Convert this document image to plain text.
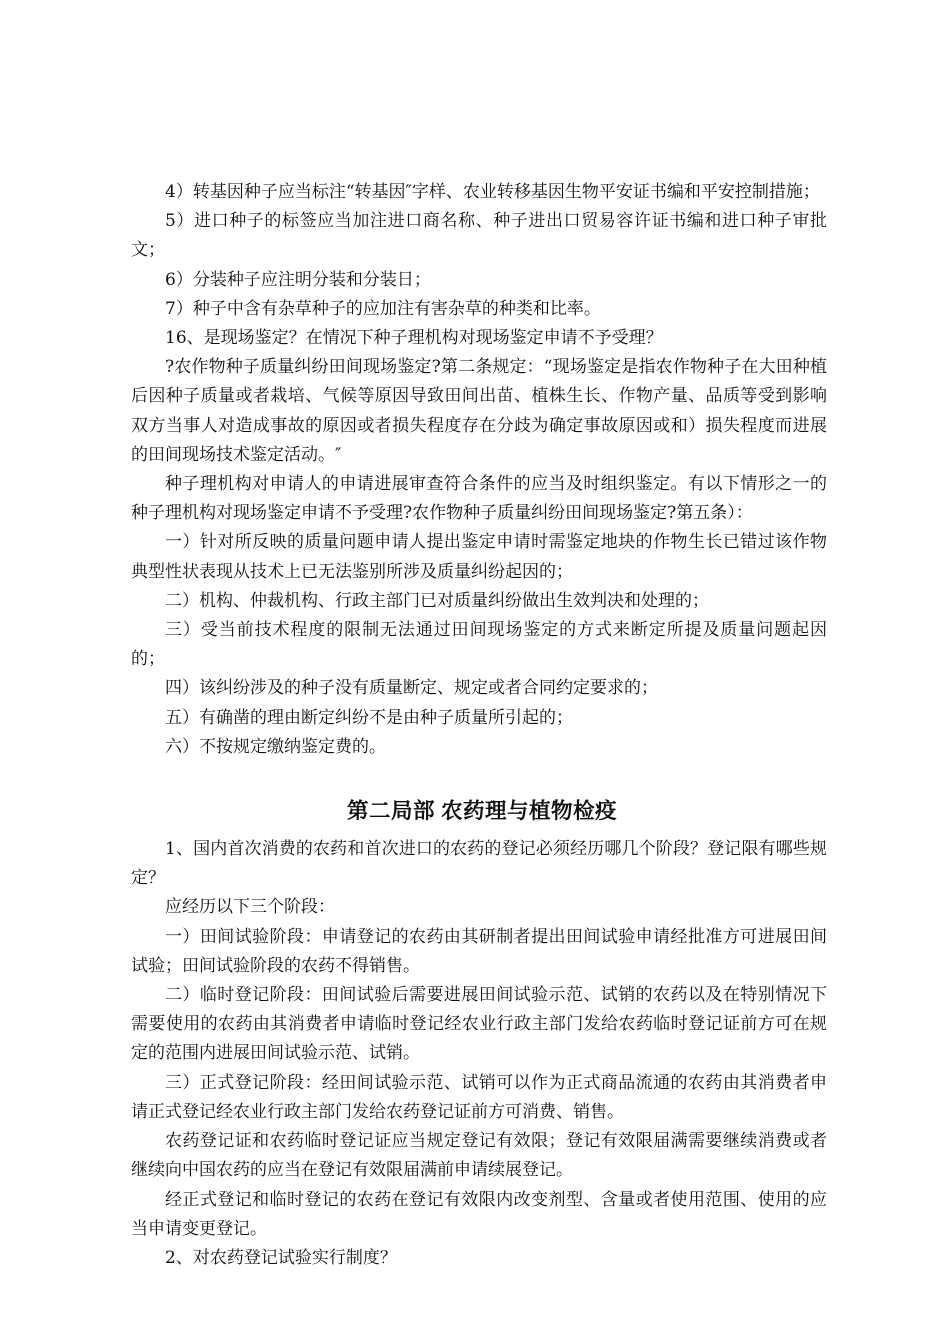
4）转基因种子应当标注“转基因″字样、农业转移基因生物平安证书编和平安控制措施；

5）进口种子的标签应当加注进口商名称、种子进出口贸易容许证书编和进口种子审批文；

6）分装种子应注明分装和分装日；

7）种子中含有杂草种子的应加注有害杂草的种类和比率。

16、是现场鉴定？在情况下种子理机构对现场鉴定申请不予受理？

?农作物种子质量纠纷田间现场鉴定?第二条规定：“现场鉴定是指农作物种子在大田种植后因种子质量或者栽培、气候等原因导致田间出苗、植株生长、作物产量、品质等受到影响双方当事人对造成事故的原因或者损失程度存在分歧为确定事故原因或和）损失程度而进展的田间现场技术鉴定活动。″

种子理机构对申请人的申请进展审查符合条件的应当及时组织鉴定。有以下情形之一的种子理机构对现场鉴定申请不予受理?农作物种子质量纠纷田间现场鉴定?第五条）：

一）针对所反映的质量问题申请人提出鉴定申请时需鉴定地块的作物生长已错过该作物典型性状表现从技术上已无法鉴别所涉及质量纠纷起因的；

二）机构、仲裁机构、行政主部门已对质量纠纷做出生效判决和处理的；

三）受当前技术程度的限制无法通过田间现场鉴定的方式来断定所提及质量问题起因的；

四）该纠纷涉及的种子没有质量断定、规定或者合同约定要求的；

五）有确凿的理由断定纠纷不是由种子质量所引起的；

六）不按规定缴纳鉴定费的。

第二局部 农药理与植物检疫

1、国内首次消费的农药和首次进口的农药的登记必须经历哪几个阶段？登记限有哪些规定？

应经历以下三个阶段：

一）田间试验阶段：申请登记的农药由其研制者提出田间试验申请经批准方可进展田间试验；田间试验阶段的农药不得销售。

二）临时登记阶段：田间试验后需要进展田间试验示范、试销的农药以及在特别情况下需要使用的农药由其消费者申请临时登记经农业行政主部门发给农药临时登记证前方可在规定的范围内进展田间试验示范、试销。

三）正式登记阶段：经田间试验示范、试销可以作为正式商品流通的农药由其消费者申请正式登记经农业行政主部门发给农药登记证前方可消费、销售。

农药登记证和农药临时登记证应当规定登记有效限；登记有效限届满需要继续消费或者继续向中国农药的应当在登记有效限届满前申请续展登记。

经正式登记和临时登记的农药在登记有效限内改变剂型、含量或者使用范围、使用的应当申请变更登记。

2、对农药登记试验实行制度？
